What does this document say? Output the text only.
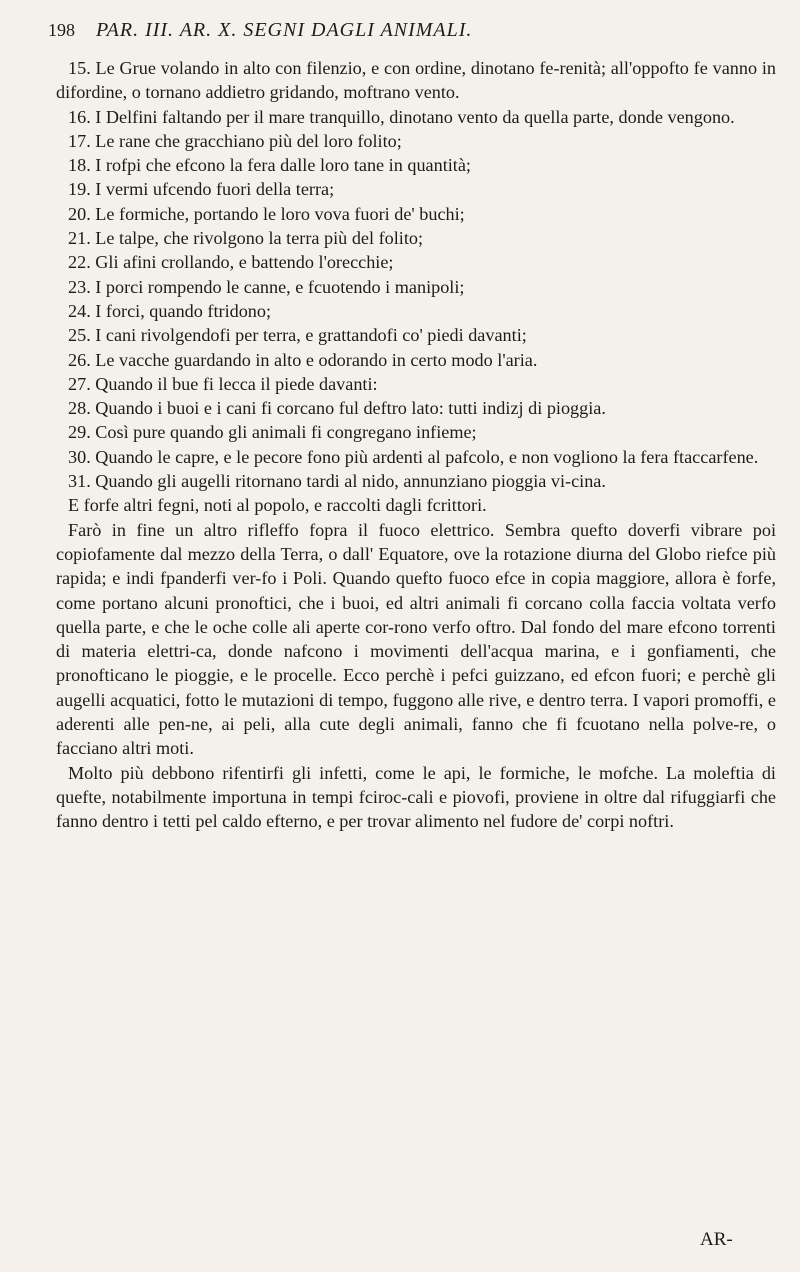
198 PAR. III. AR. X. SEGNI DAGLI ANIMALI.

15. Le Grue volando in alto con filenzio, e con ordine, dinotano fe-renità; all'oppofto fe vanno in difordine, o tornano addietro gridando, moftrano vento.

16. I Delfini faltando per il mare tranquillo, dinotano vento da quella parte, donde vengono.

17. Le rane che gracchiano più del loro folito;

18. I rofpi che efcono la fera dalle loro tane in quantità;

19. I vermi ufcendo fuori della terra;

20. Le formiche, portando le loro vova fuori de' buchi;

21. Le talpe, che rivolgono la terra più del folito;

22. Gli afini crollando, e battendo l'orecchie;

23. I porci rompendo le canne, e fcuotendo i manipoli;

24. I forci, quando ftridono;

25. I cani rivolgendofi per terra, e grattandofi co' piedi davanti;

26. Le vacche guardando in alto e odorando in certo modo l'aria.

27. Quando il bue fi lecca il piede davanti:

28. Quando i buoi e i cani fi corcano ful deftro lato: tutti indizj di pioggia.

29. Così pure quando gli animali fi congregano infieme;

30. Quando le capre, e le pecore fono più ardenti al pafcolo, e non vogliono la fera ftaccarfene.

31. Quando gli augelli ritornano tardi al nido, annunziano pioggia vi-cina.

E forfe altri fegni, noti al popolo, e raccolti dagli fcrittori.

Farò in fine un altro rifleffo fopra il fuoco elettrico. Sembra quefto doverfi vibrare poi copiofamente dal mezzo della Terra, o dall' Equatore, ove la rotazione diurna del Globo riefce più rapida; e indi fpanderfi ver-fo i Poli. Quando quefto fuoco efce in copia maggiore, allora è forfe, come portano alcuni pronoftici, che i buoi, ed altri animali fi corcano colla faccia voltata verfo quella parte, e che le oche colle ali aperte cor-rono verfo oftro. Dal fondo del mare efcono torrenti di materia elettri-ca, donde nafcono i movimenti dell'acqua marina, e i gonfiamenti, che pronofticano le pioggie, e le procelle. Ecco perchè i pefci guizzano, ed efcon fuori; e perchè gli augelli acquatici, fotto le mutazioni di tempo, fuggono alle rive, e dentro terra. I vapori promoffi, e aderenti alle pen-ne, ai peli, alla cute degli animali, fanno che fi fcuotano nella polve-re, o facciano altri moti.

Molto più debbono rifentirfi gli infetti, come le api, le formiche, le mofche. La moleftia di quefte, notabilmente importuna in tempi fciroc-cali e piovofi, proviene in oltre dal rifuggiarfi che fanno dentro i tetti pel caldo efterno, e per trovar alimento nel fudore de' corpi noftri.

AR-
